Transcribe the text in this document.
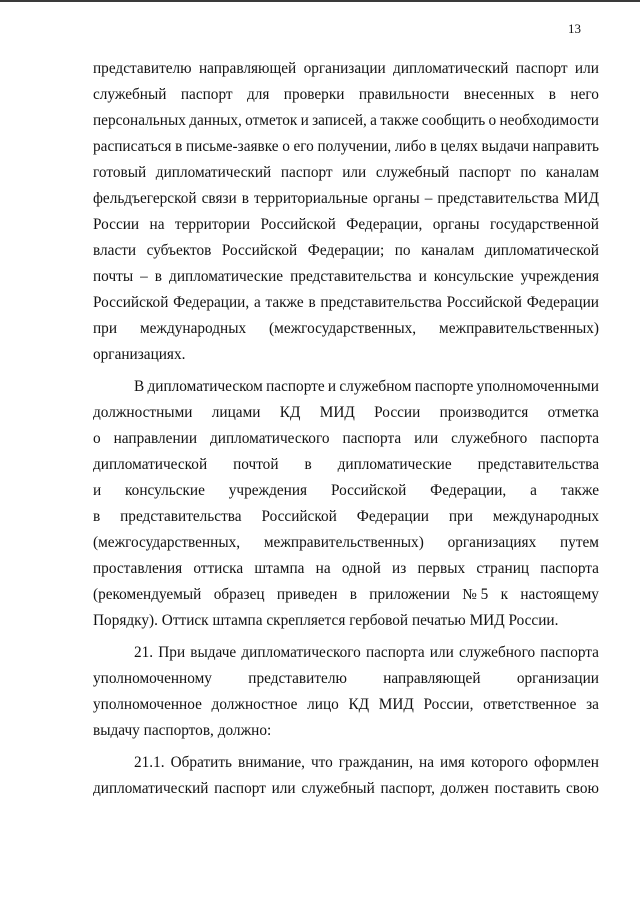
13
представителю направляющей организации дипломатический паспорт или
служебный паспорт для проверки правильности внесенных в него
персональных данных, отметок и записей, а также сообщить о необходимости
расписаться в письме-заявке о его получении, либо в целях выдачи направить
готовый дипломатический паспорт или служебный паспорт по каналам
фельдъегерской связи в территориальные органы – представительства МИД
России на территории Российской Федерации, органы государственной
власти субъектов Российской Федерации; по каналам дипломатической
почты – в дипломатические представительства и консульские учреждения
Российской Федерации, а также в представительства Российской Федерации
при международных (межгосударственных, межправительственных)
организациях.
В дипломатическом паспорте и служебном паспорте уполномоченными
должностными лицами КД МИД России производится отметка
о направлении дипломатического паспорта или служебного паспорта
дипломатической почтой в дипломатические представительства
и консульские учреждения Российской Федерации, а также
в представительства Российской Федерации при международных
(межгосударственных, межправительственных) организациях путем
проставления оттиска штампа на одной из первых страниц паспорта
(рекомендуемый образец приведен в приложении № 5 к настоящему
Порядку). Оттиск штампа скрепляется гербовой печатью МИД России.
21. При выдаче дипломатического паспорта или служебного паспорта
уполномоченному представителю направляющей организации
уполномоченное должностное лицо КД МИД России, ответственное за
выдачу паспортов, должно:
21.1. Обратить внимание, что гражданин, на имя которого оформлен
дипломатический паспорт или служебный паспорт, должен поставить свою
